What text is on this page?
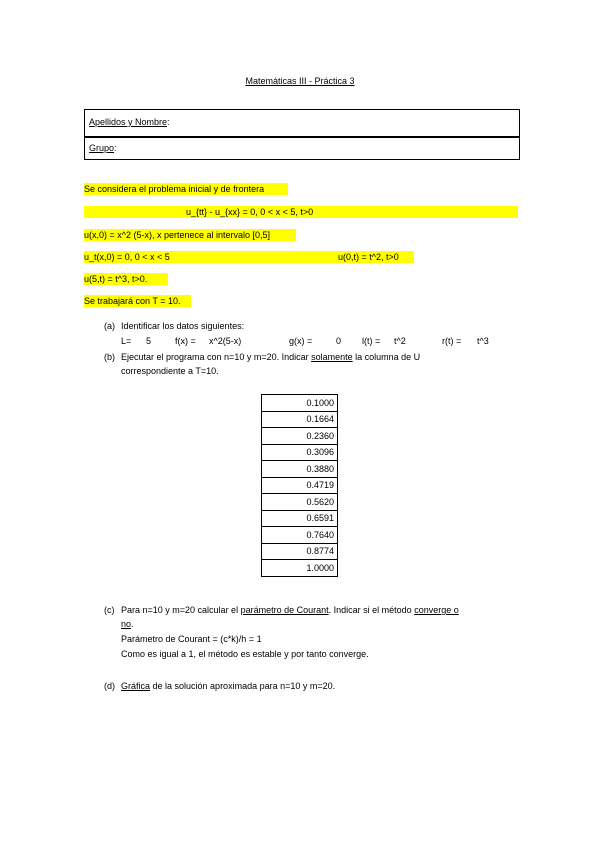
Matemáticas III - Práctica 3
Apellidos y Nombre:
Grupo:
Se considera el problema inicial y de frontera
u_{tt} - u_{xx} = 0, 0 < x < 5, t>0
u(x,0) = x^2 (5-x), x pertenece al intervalo [0,5]
u_t(x,0) = 0, 0 < x < 5	u(0,t) = t^2, t>0
u(5,t) = t^3, t>0.
Se trabajará con T = 10.
(a) Identificar los datos siguientes:
L= 5	f(x) = x^2(5-x)	g(x) =	0 l(t) = t^2	r(t) = t^3
(b) Ejecutar el programa con n=10 y m=20. Indicar solamente la columna de U
correspondiente a T=10.
0.1000
0.1664
0.2360
0.3096
0.3880
0.4719
0.5620
0.6591
0.7640
0.8774
1.0000
(c) Para n=10 y m=20 calcular el parámetro de Courant. Indicar si el método converge o
no.
Parámetro de Courant = (c*k)/h = 1
Como es igual a 1, el método es estable y por tanto converge.
(d) Gráfica de la solución aproximada para n=10 y m=20.
